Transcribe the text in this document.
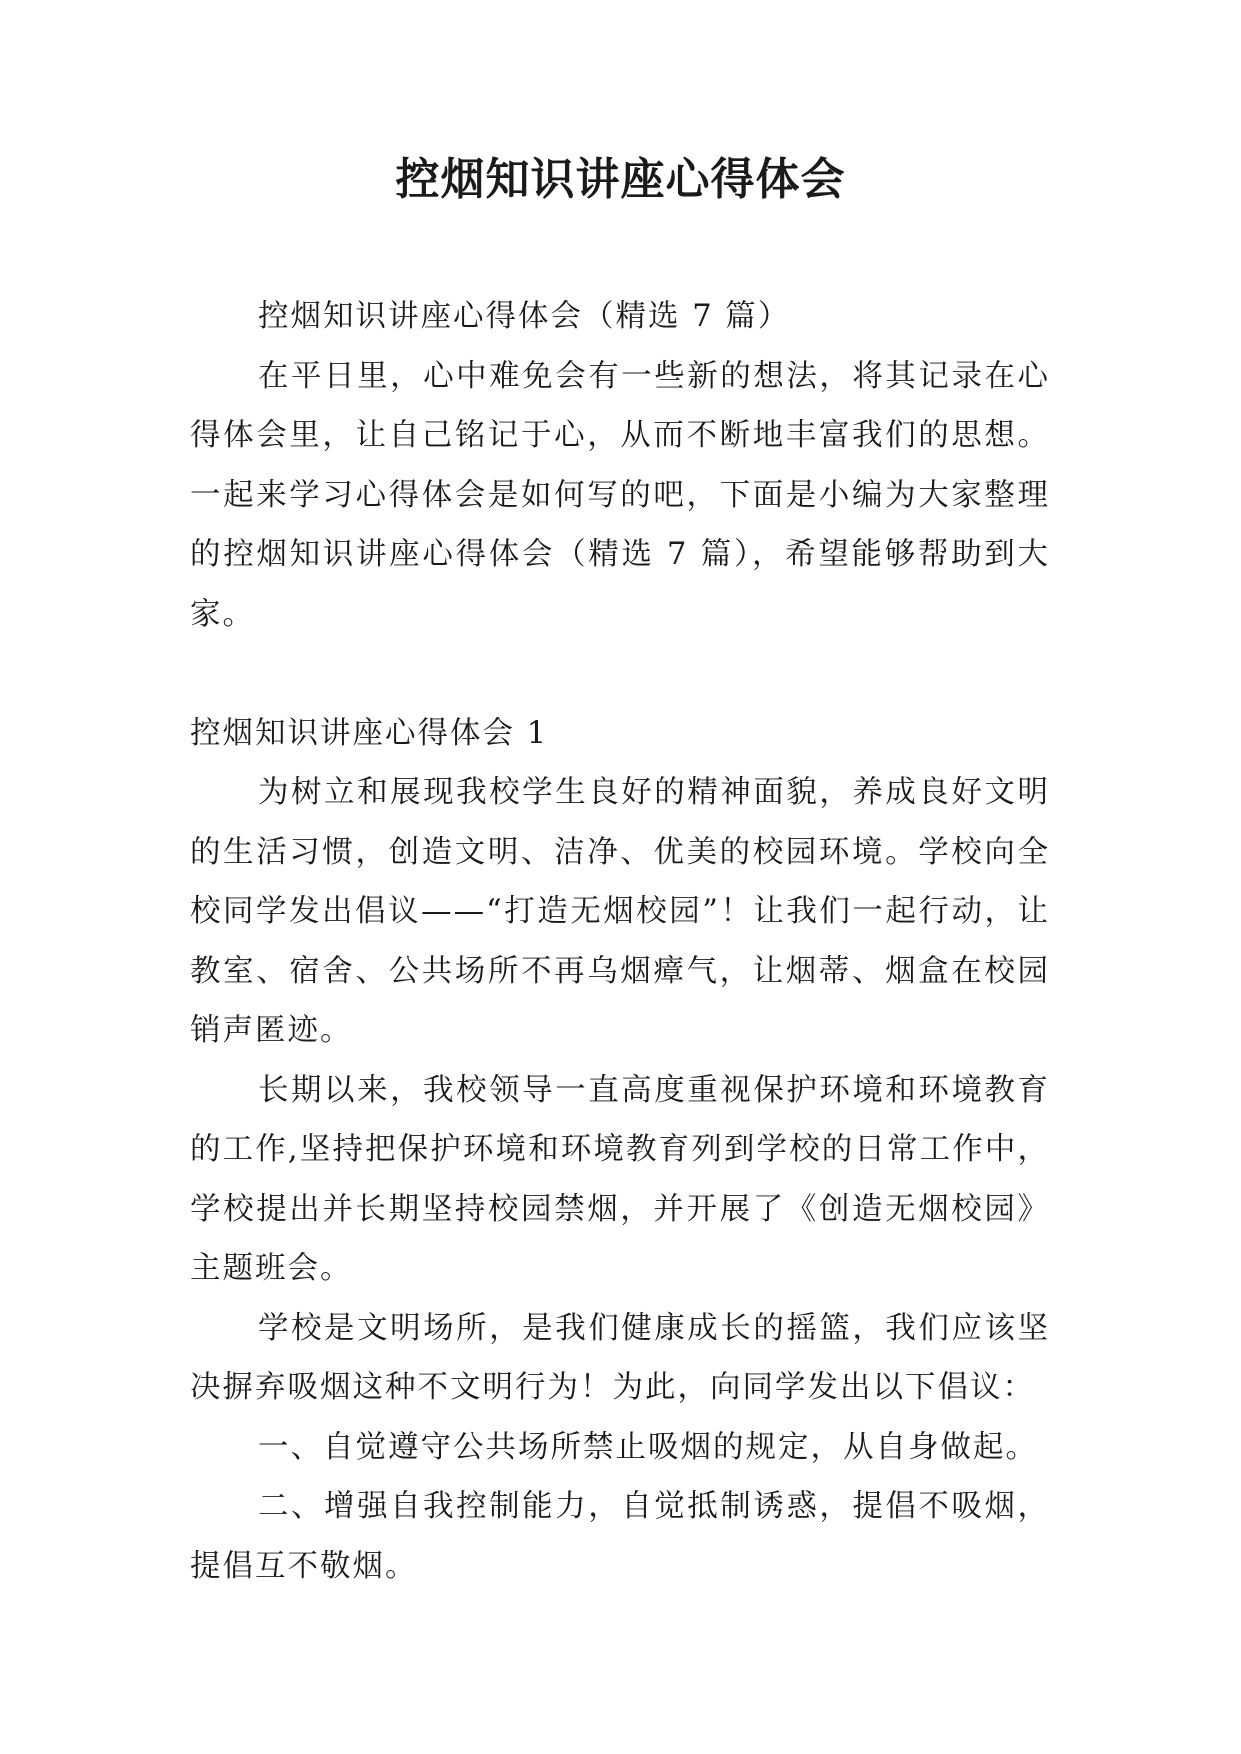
控烟知识讲座心得体会

控烟知识讲座心得体会（精选 7 篇）

在平日里，心中难免会有一些新的想法，将其记录在心得体会里，让自己铭记于心，从而不断地丰富我们的思想。一起来学习心得体会是如何写的吧，下面是小编为大家整理的控烟知识讲座心得体会（精选 7 篇），希望能够帮助到大家。

控烟知识讲座心得体会 1

为树立和展现我校学生良好的精神面貌，养成良好文明的生活习惯，创造文明、洁净、优美的校园环境。学校向全校同学发出倡议——“打造无烟校园”！让我们一起行动，让教室、宿舍、公共场所不再乌烟瘴气，让烟蒂、烟盒在校园销声匿迹。

长期以来，我校领导一直高度重视保护环境和环境教育的工作,坚持把保护环境和环境教育列到学校的日常工作中，学校提出并长期坚持校园禁烟，并开展了《创造无烟校园》主题班会。

学校是文明场所，是我们健康成长的摇篮，我们应该坚决摒弃吸烟这种不文明行为！为此，向同学发出以下倡议：

一、自觉遵守公共场所禁止吸烟的规定，从自身做起。

二、增强自我控制能力，自觉抵制诱惑，提倡不吸烟，提倡互不敬烟。
